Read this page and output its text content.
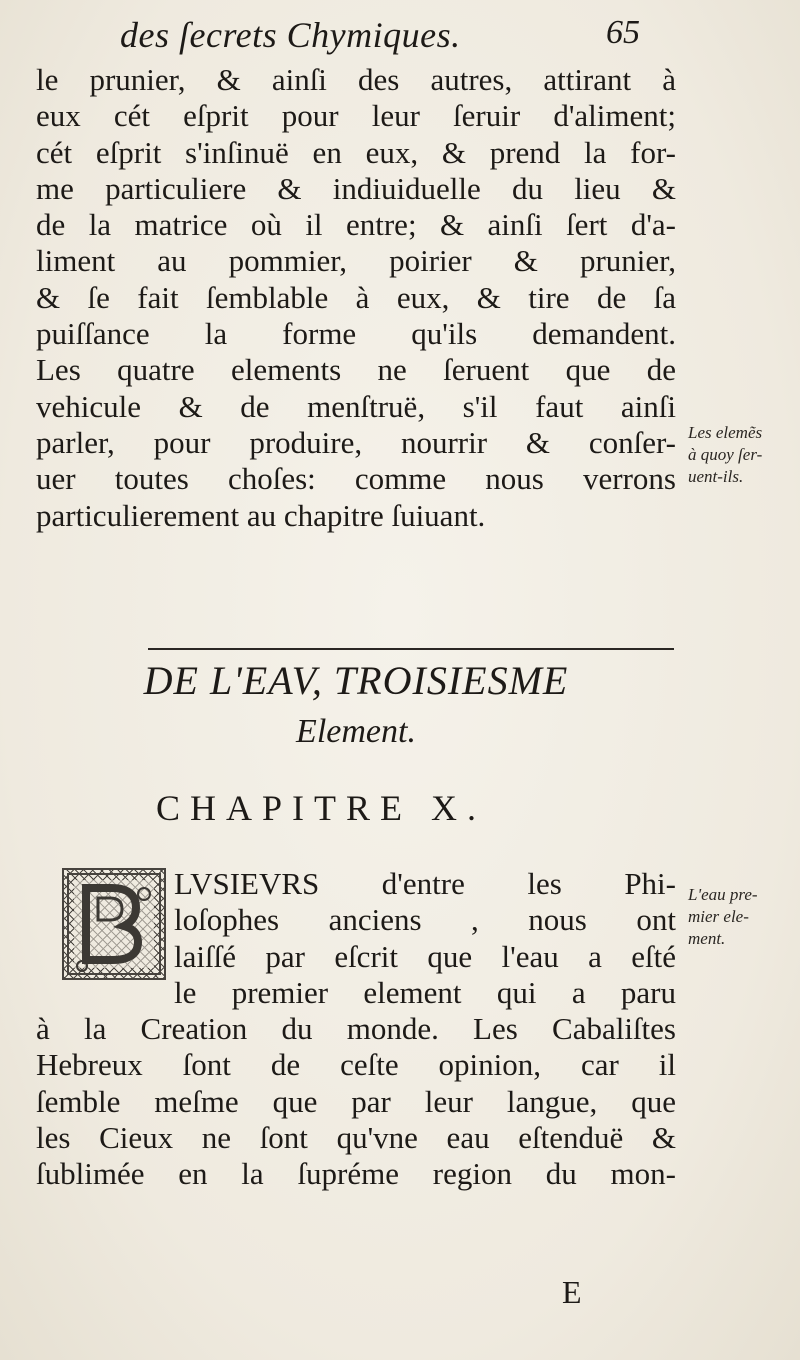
des ſecrets Chymiques.	65
le prunier, & ainſi des autres, attirant à
eux cét eſprit pour leur ſeruir d'aliment;
cét eſprit s'inſinuë en eux, & prend la for-
me particuliere & indiuiduelle du lieu &
de la matrice où il entre; & ainſi ſert d'a-
liment au pommier, poirier & prunier,
& ſe fait ſemblable à eux, & tire de ſa
puiſſance la forme qu'ils demandent.
Les quatre elements ne ſeruent que de
vehicule & de menſtruë, s'il faut ainſi
parler, pour produire, nourrir & conſer-
uer toutes choſes: comme nous verrons
particulierement au chapitre ſuiuant.
Les elemẽs
à quoy ſer-
uent-ils.
DE L'EAV, TROISIESME
Element.
CHAPITRE X.
LVSIEVRS d'entre les Phi-
loſophes anciens , nous ont
laiſſé par eſcrit que l'eau a eſté
le premier element qui a paru
L'eau pre-
mier ele-
ment.
à la Creation du monde. Les Cabaliſtes
Hebreux ſont de ceſte opinion, car il
ſemble meſme que par leur langue, que
les Cieux ne ſont qu'vne eau eſtenduë &
ſublimée en la ſupréme region du mon-
E
